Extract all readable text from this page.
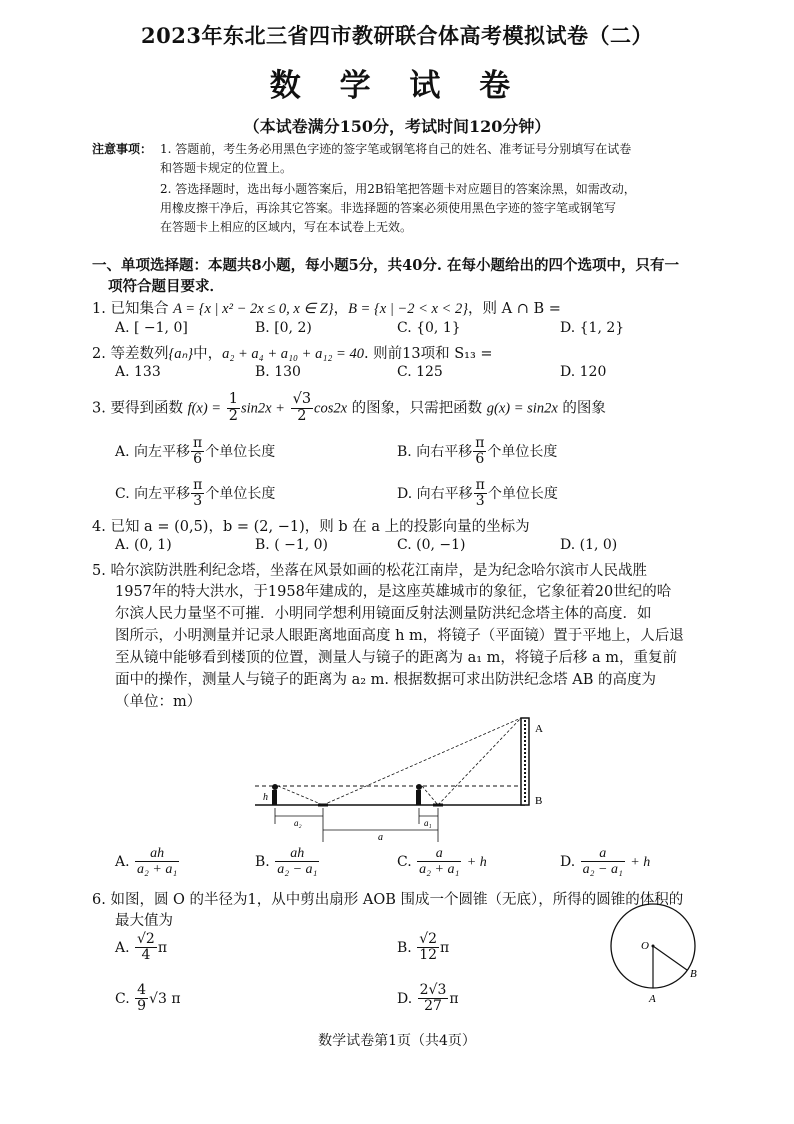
2023年东北三省四市教研联合体高考模拟试卷（二）
数 学 试 卷
（本试卷满分150分，考试时间120分钟）
注意事项： 1. 答题前，考生务必用黑色字迹的签字笔或钢笔将自己的姓名、准考证号分别填写在试卷
和答题卡规定的位置上。
2. 答选择题时，选出每小题答案后，用2B铅笔把答题卡对应题目的答案涂黑，如需改动，
用橡皮擦干净后，再涂其它答案。非选择题的答案必须使用黑色字迹的签字笔或钢笔写
在答题卡上相应的区域内，写在本试卷上无效。
一、单项选择题：本题共8小题，每小题5分，共40分. 在每小题给出的四个选项中，只有一
项符合题目要求．
1. 已知集合 A = {x | x² − 2x ≤ 0, x ∈ Z}，B = {x | −2 < x < 2}，则 A ∩ B =
A. [ −1, 0]	B. [0, 2)	C. {0, 1}	D. {1, 2}
2. 等差数列{aₙ}中，a₂ + a₄ + a₁₀ + a₁₂ = 40. 则前13项和 S₁₃ =
A. 133	B. 130	C. 125	D. 120
3. 要得到函数 $f(x) = \frac{1}{2} \sin 2x + \frac{√3}{2} \cos 2x$ 的图象，只需把函数 g(x) = sin2x 的图象
A. 向左平移 $\frac{\pi}{6}$ 个单位长度	B. 向右平移 $\frac{\pi}{6}$ 个单位长度
C. 向左平移 $\frac{\pi}{3}$ 个单位长度	D. 向右平移 $\frac{\pi}{3}$ 个单位长度
4. 已知 a = (0,5)，b = (2, −1)，则 b 在 a 上的投影向量的坐标为
A. (0, 1)	B. ( −1, 0)	C. (0, −1)	D. (1, 0)
5. 哈尔滨防洪胜利纪念塔，坐落在风景如画的松花江南岸，是为纪念哈尔滨市人民战胜
1957年的特大洪水，于1958年建成的，是这座英雄城市的象征，它象征着20世纪的哈
尔滨人民力量坚不可摧．小明同学想利用镜面反射法测量防洪纪念塔主体的高度．如
图所示，小明测量并记录人眼距离地面高度 h m，将镜子（平面镜）置于平地上，人后退
至从镜中能够看到楼顶的位置，测量人与镜子的距离为 a₁ m，将镜子后移 a m，重复前
面中的操作，测量人与镜子的距离为 a₂ m. 根据数据可求出防洪纪念塔 AB 的高度为
（单位：m）
h
a₂
a
a₁
A
B
A. $\frac{ah}{\text{a₂ + a₁}}$	B. $\frac{ah}{\text{a₂ − a₁}}$	C. $\frac{a}{\text{a₂ + a₁}} + h$	D. $\frac{a}{\text{a₂ − a₁}} + h$
6. 如图，圆 O 的半径为1，从中剪出扇形 AOB 围成一个圆锥（无底），所得的圆锥的体积的
最大值为
A. $\frac{√2}{4}$ π	B. $\frac{√2}{12}$ π
C. $\frac{4}{9} √3$ π	D. $\frac{2√3}{27}$ π
O
A
B
数学试卷第1页（共4页）
